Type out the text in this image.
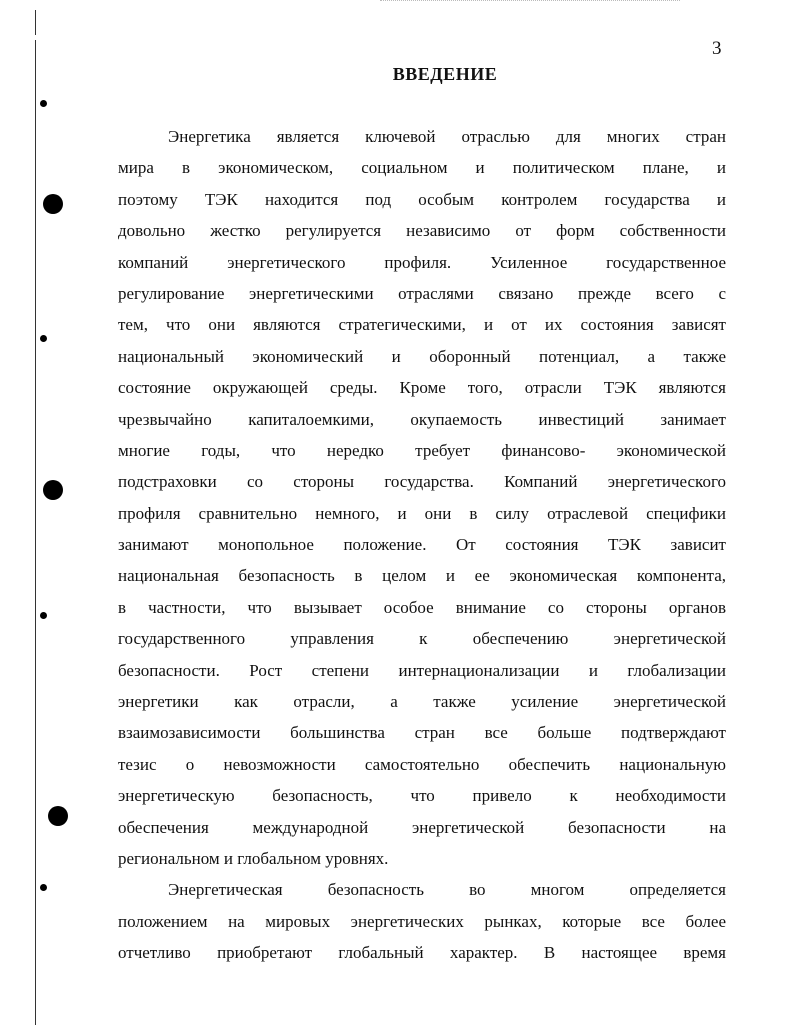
3
ВВЕДЕНИЕ
Энергетика является ключевой отраслью для многих стран
мира в экономическом, социальном и политическом плане, и
поэтому ТЭК находится под особым контролем государства и
довольно жестко регулируется независимо от форм собственности
компаний энергетического профиля. Усиленное государственное
регулирование энергетическими отраслями связано прежде всего с
тем, что они являются стратегическими, и от их состояния зависят
национальный экономический и оборонный потенциал, а также
состояние окружающей среды. Кроме того, отрасли ТЭК являются
чрезвычайно капиталоемкими, окупаемость инвестиций занимает
многие годы, что нередко требует финансово- экономической
подстраховки со стороны государства. Компаний энергетического
профиля сравнительно немного, и они в силу отраслевой специфики
занимают монопольное положение. От состояния ТЭК зависит
национальная безопасность в целом и ее экономическая компонента,
в частности, что вызывает особое внимание со стороны органов
государственного управления к обеспечению энергетической
безопасности. Рост степени интернационализации и глобализации
энергетики как отрасли, а также усиление энергетической
взаимозависимости большинства стран все больше подтверждают
тезис о невозможности самостоятельно обеспечить национальную
энергетическую безопасность, что привело к необходимости
обеспечения международной энергетической безопасности на
региональном и глобальном уровнях.
Энергетическая безопасность во многом определяется
положением на мировых энергетических рынках, которые все более
отчетливо приобретают глобальный характер. В настоящее время
